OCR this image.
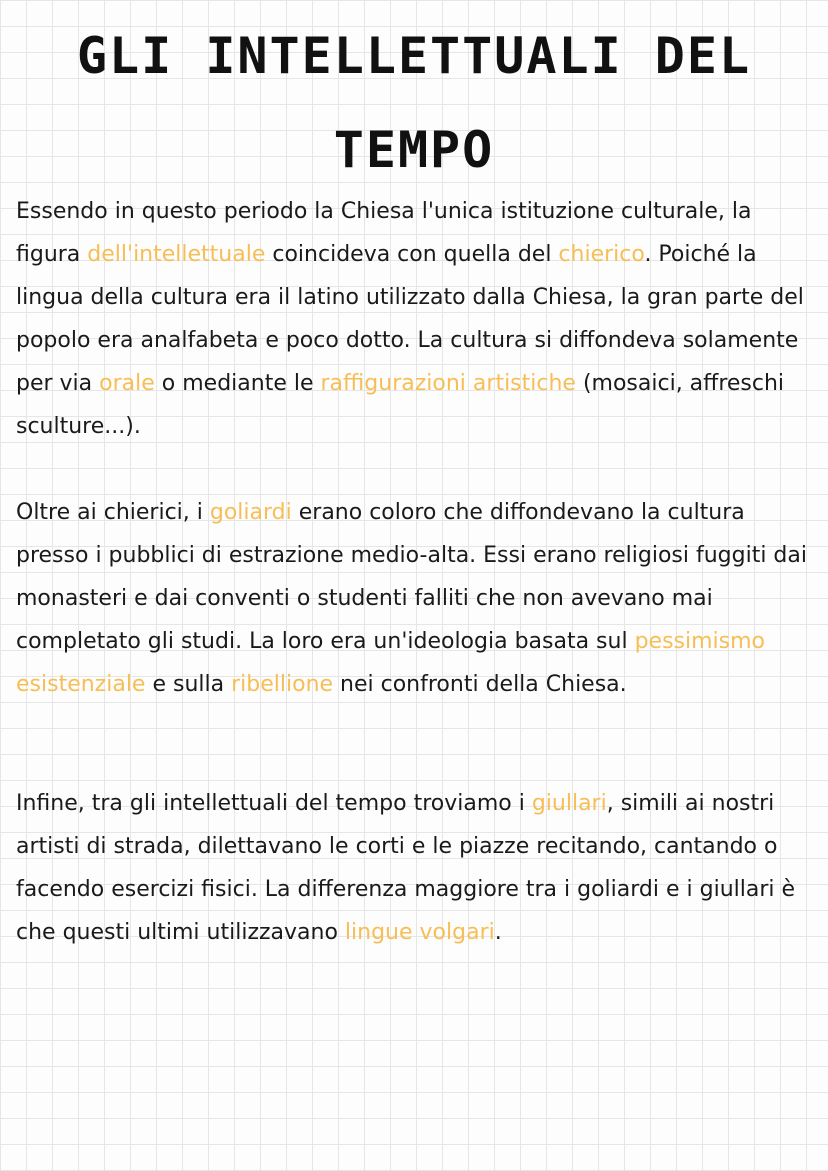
GLI INTELLETTUALI DEL
TEMPO

Essendo in questo periodo la Chiesa l'unica istituzione culturale, la figura dell'intellettuale coincideva con quella del chierico. Poiché la lingua della cultura era il latino utilizzato dalla Chiesa, la gran parte del popolo era analfabeta e poco dotto. La cultura si diffondeva solamente per via orale o mediante le raffigurazioni artistiche (mosaici, affreschi sculture...).

Oltre ai chierici, i goliardi erano coloro che diffondevano la cultura presso i pubblici di estrazione medio-alta. Essi erano religiosi fuggiti dai monasteri e dai conventi o studenti falliti che non avevano mai completato gli studi. La loro era un'ideologia basata sul pessimismo esistenziale e sulla ribellione nei confronti della Chiesa.

Infine, tra gli intellettuali del tempo troviamo i giullari, simili ai nostri artisti di strada, dilettavano le corti e le piazze recitando, cantando o facendo esercizi fisici. La differenza maggiore tra i goliardi e i giullari è che questi ultimi utilizzavano lingue volgari.
